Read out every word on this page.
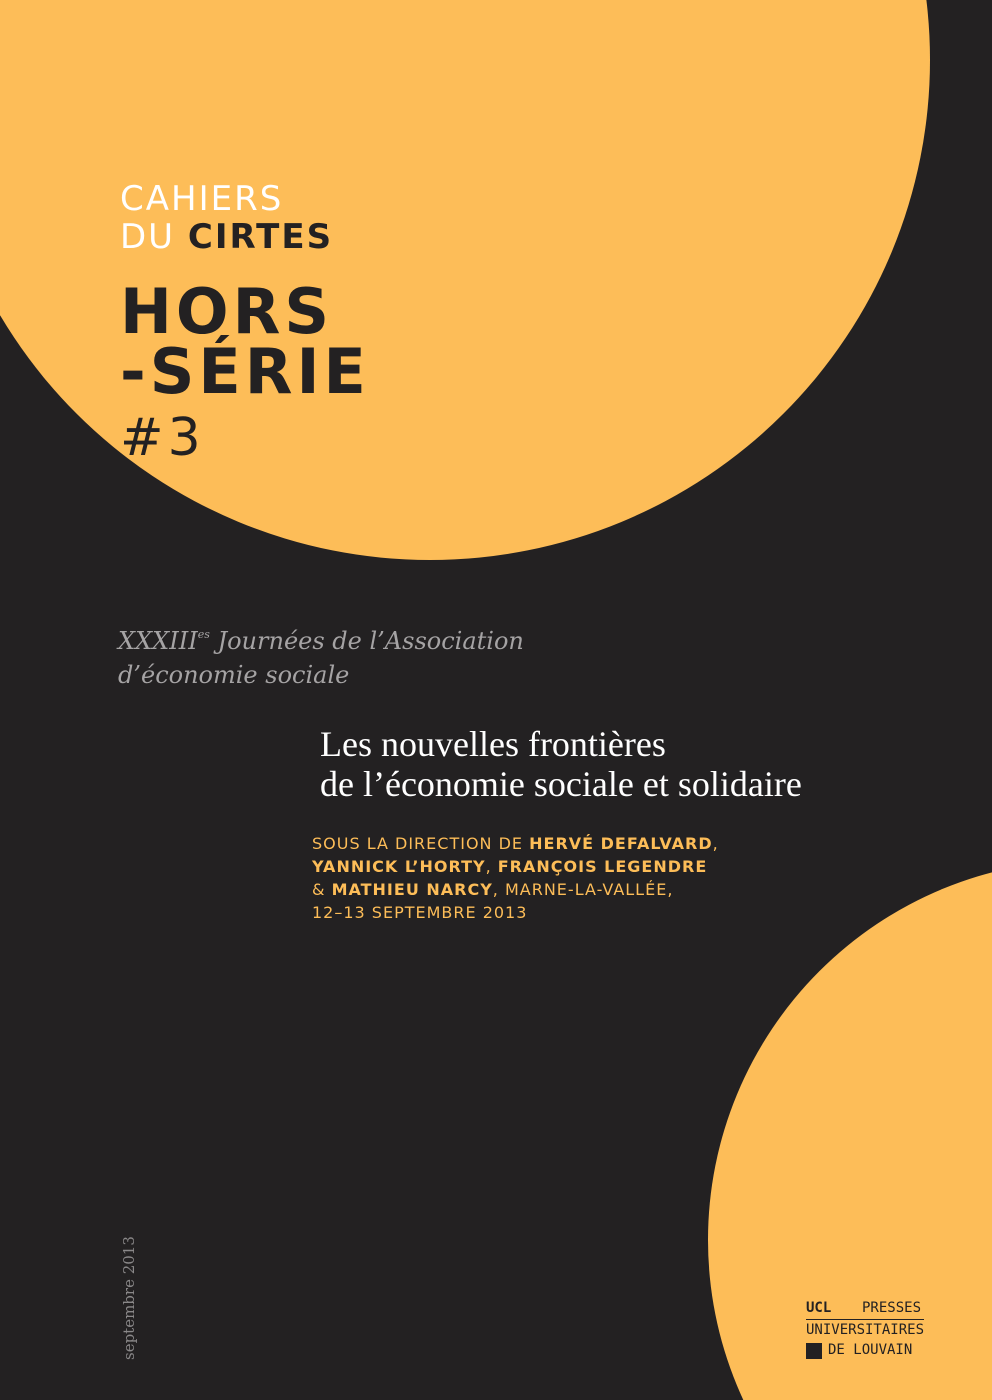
CAHIERS
DU CIRTES
HORS
-SÉRIE
#3
$XXXIII^{es}$ Journées de l’Association
d’économie sociale
Les nouvelles frontières
de l’économie sociale et solidaire
SOUS LA DIRECTION DE HERVÉ DEFALVARD,
YANNICK L’HORTY, FRANÇOIS LEGENDRE
& MATHIEU NARCY, MARNE-LA-VALLÉE,
12–13 SEPTEMBRE 2013
septembre 2013	UCL	PRESSES
UNIVERSITAIRES
DE LOUVAIN
